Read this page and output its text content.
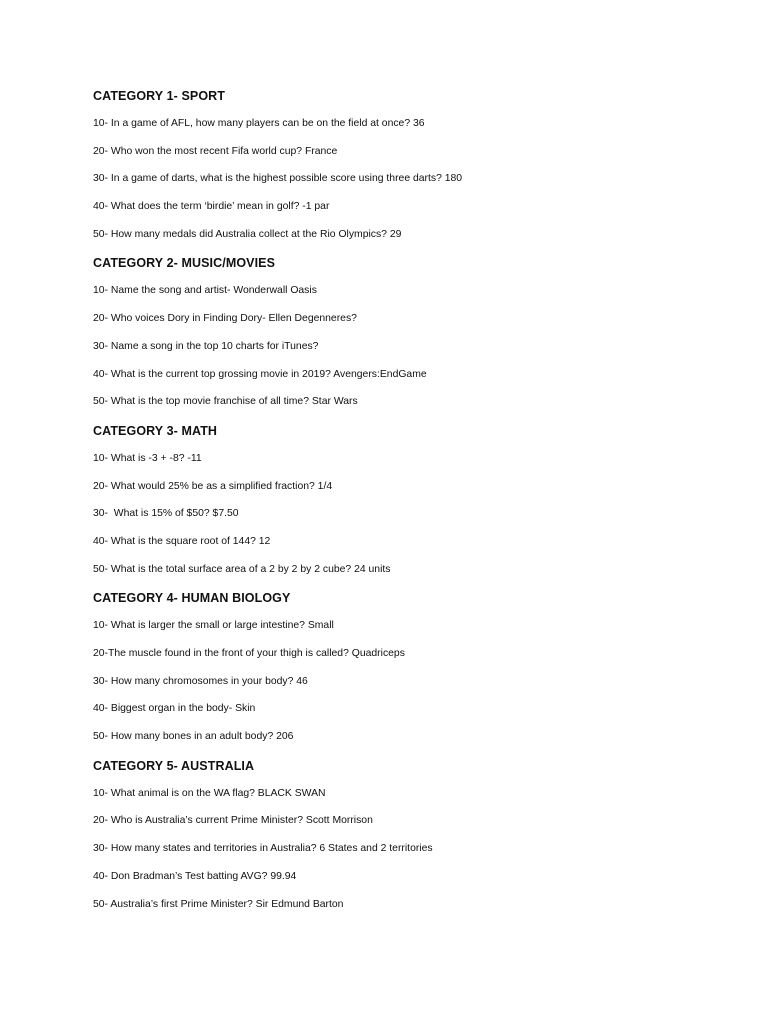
CATEGORY 1- SPORT
10- In a game of AFL, how many players can be on the field at once? 36
20- Who won the most recent Fifa world cup? France
30- In a game of darts, what is the highest possible score using three darts? 180
40- What does the term ‘birdie’ mean in golf? -1 par
50- How many medals did Australia collect at the Rio Olympics? 29
CATEGORY 2- MUSIC/MOVIES
10- Name the song and artist- Wonderwall Oasis
20- Who voices Dory in Finding Dory- Ellen Degenneres?
30- Name a song in the top 10 charts for iTunes?
40- What is the current top grossing movie in 2019? Avengers:EndGame
50- What is the top movie franchise of all time? Star Wars
CATEGORY 3- MATH
10- What is -3 + -8? -11
20- What would 25% be as a simplified fraction? 1/4
30-  What is 15% of $50? $7.50
40- What is the square root of 144? 12
50- What is the total surface area of a 2 by 2 by 2 cube? 24 units
CATEGORY 4- HUMAN BIOLOGY
10- What is larger the small or large intestine? Small
20-The muscle found in the front of your thigh is called? Quadriceps
30- How many chromosomes in your body? 46
40- Biggest organ in the body- Skin
50- How many bones in an adult body? 206
CATEGORY 5- AUSTRALIA
10- What animal is on the WA flag? BLACK SWAN
20- Who is Australia’s current Prime Minister? Scott Morrison
30- How many states and territories in Australia? 6 States and 2 territories
40- Don Bradman’s Test batting AVG? 99.94
50- Australia’s first Prime Minister? Sir Edmund Barton
